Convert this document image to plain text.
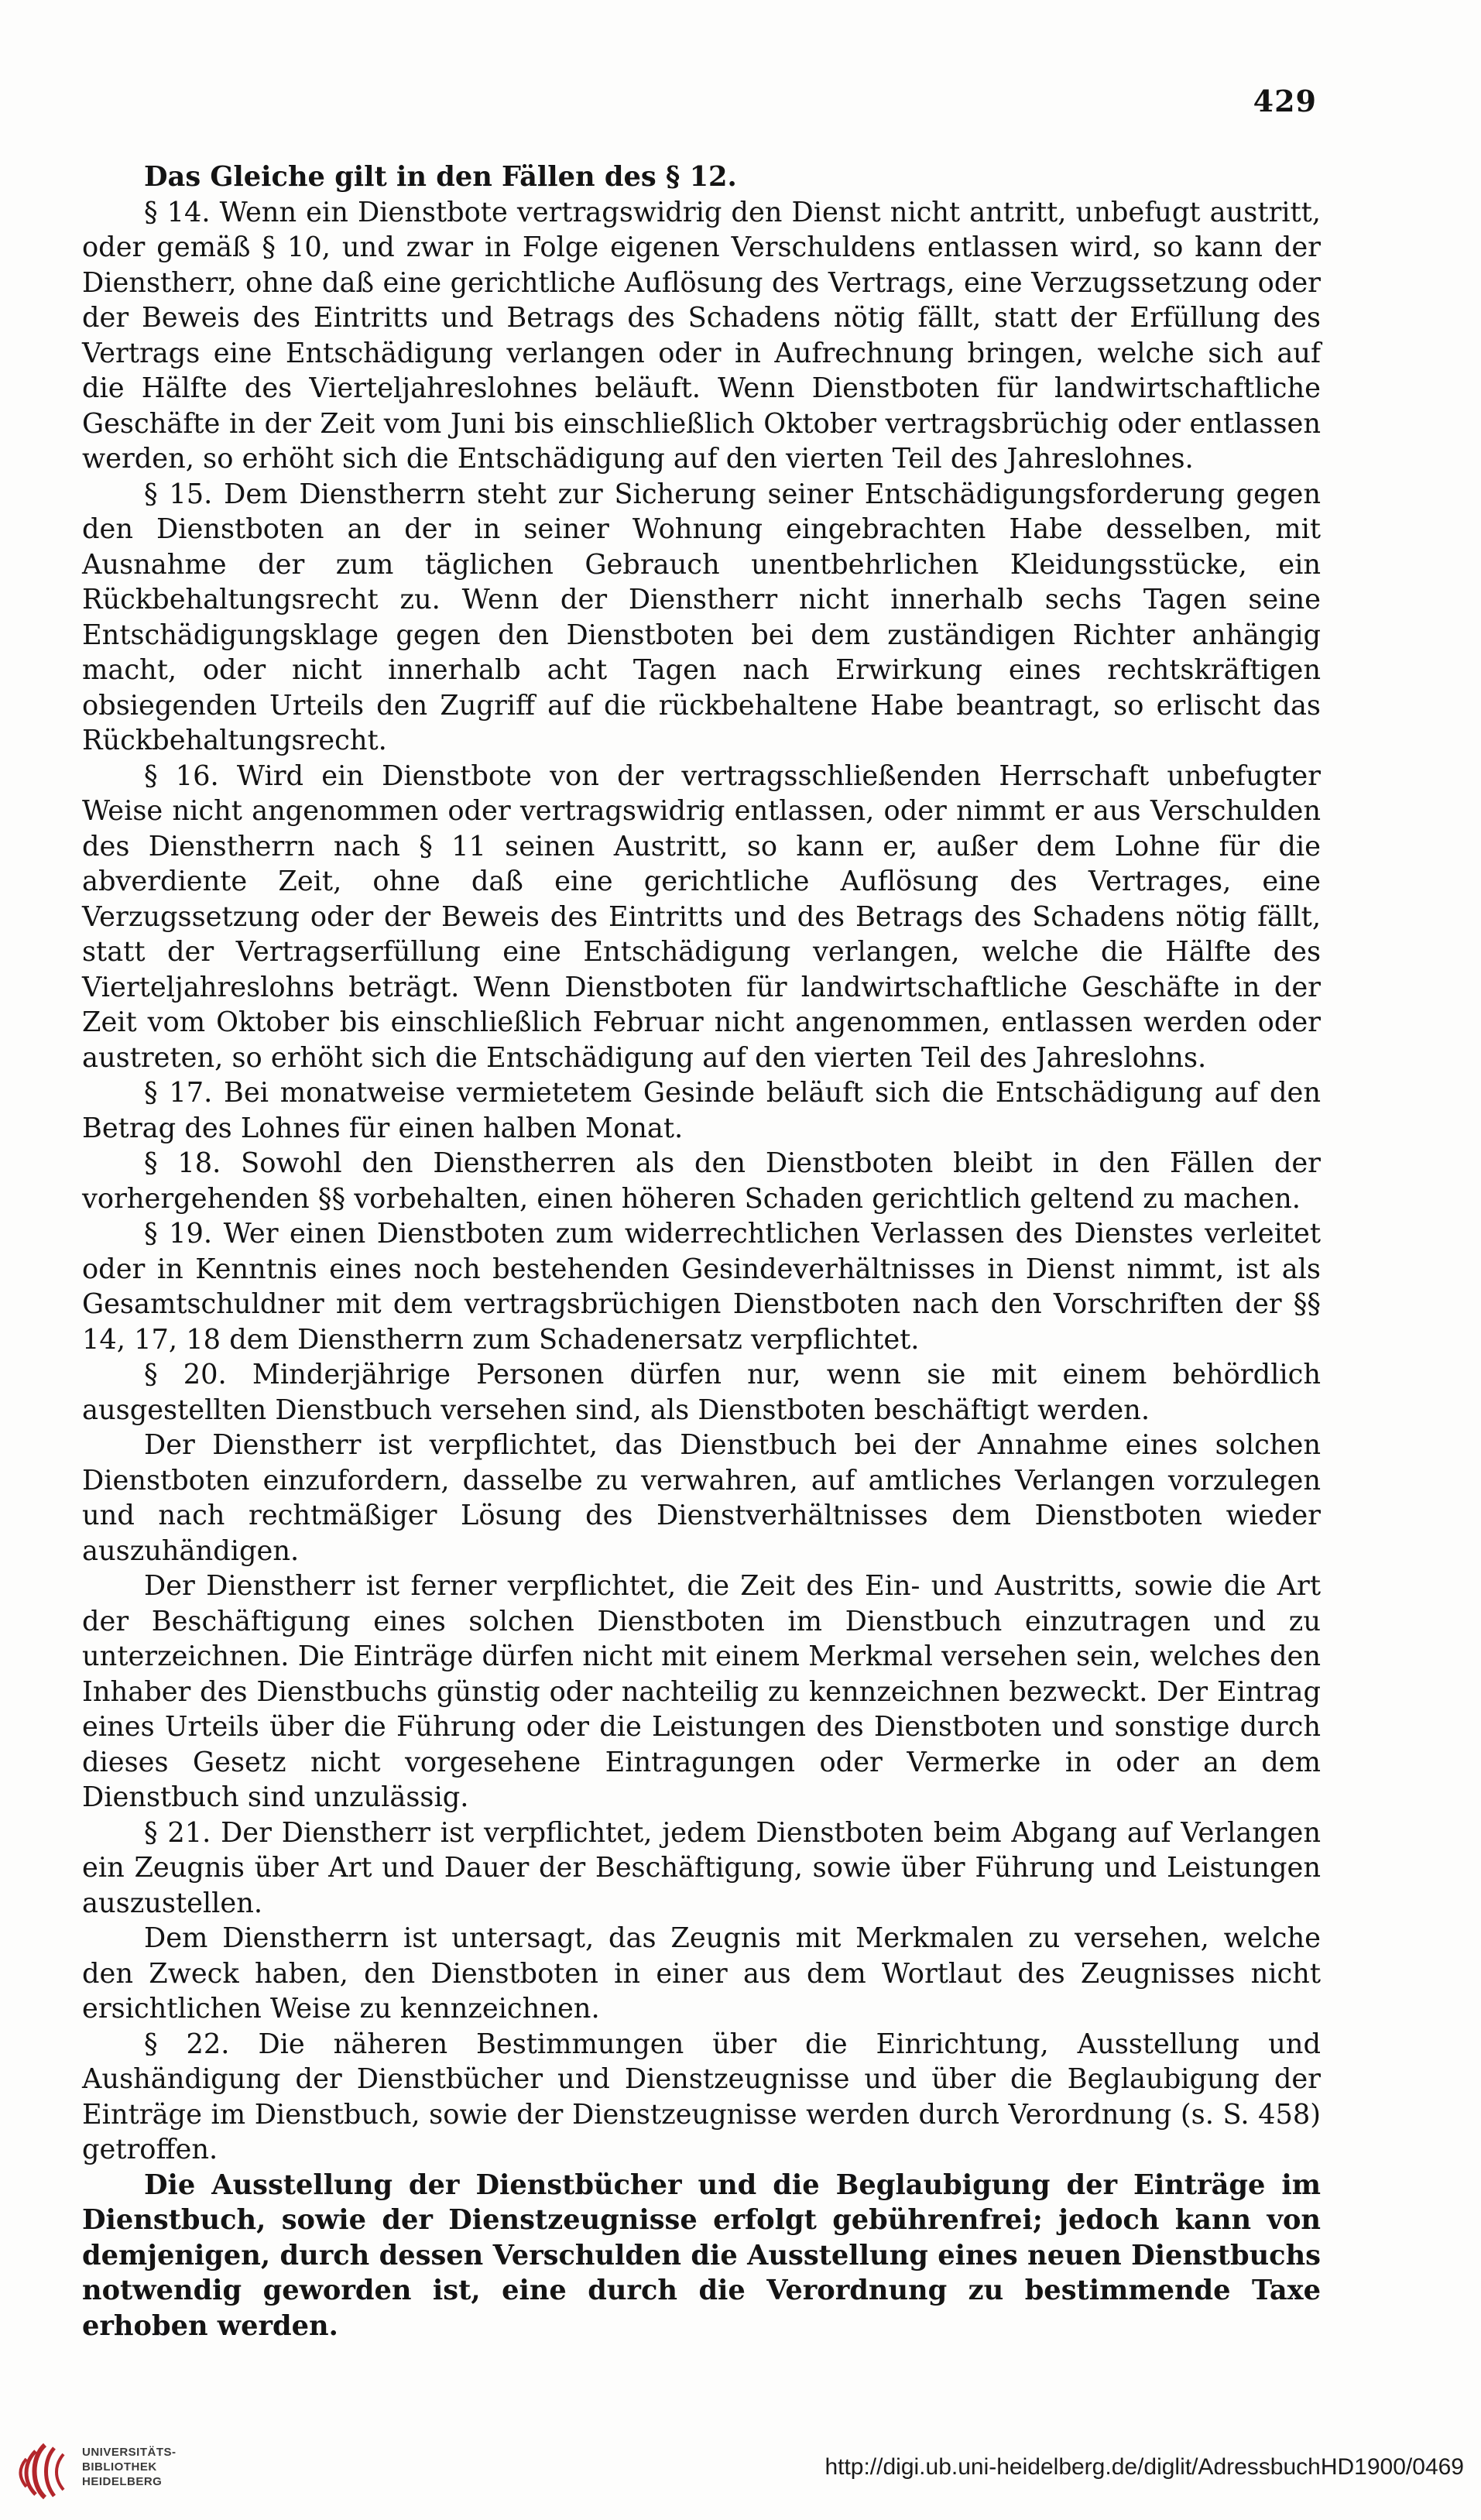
429

Das Gleiche gilt in den Fällen des § 12.

§ 14. Wenn ein Dienstbote vertragswidrig den Dienst nicht antritt, unbefugt austritt, oder gemäß § 10, und zwar in Folge eigenen Verschuldens entlassen wird, so kann der Dienstherr, ohne daß eine gerichtliche Auflösung des Vertrags, eine Verzugssetzung oder der Beweis des Eintritts und Betrags des Schadens nötig fällt, statt der Erfüllung des Vertrags eine Entschädigung verlangen oder in Aufrechnung bringen, welche sich auf die Hälfte des Vierteljahreslohnes beläuft. Wenn Dienstboten für landwirtschaftliche Geschäfte in der Zeit vom Juni bis einschließlich Oktober vertragsbrüchig oder entlassen werden, so erhöht sich die Entschädigung auf den vierten Teil des Jahreslohnes.

§ 15. Dem Dienstherrn steht zur Sicherung seiner Entschädigungsforderung gegen den Dienstboten an der in seiner Wohnung eingebrachten Habe desselben, mit Ausnahme der zum täglichen Gebrauch unentbehrlichen Kleidungsstücke, ein Rückbehaltungsrecht zu. Wenn der Dienstherr nicht innerhalb sechs Tagen seine Entschädigungsklage gegen den Dienstboten bei dem zuständigen Richter anhängig macht, oder nicht innerhalb acht Tagen nach Erwirkung eines rechtskräftigen obsiegenden Urteils den Zugriff auf die rückbehaltene Habe beantragt, so erlischt das Rückbehaltungsrecht.

§ 16. Wird ein Dienstbote von der vertragsschließenden Herrschaft unbefugter Weise nicht angenommen oder vertragswidrig entlassen, oder nimmt er aus Verschulden des Dienstherrn nach § 11 seinen Austritt, so kann er, außer dem Lohne für die abverdiente Zeit, ohne daß eine gerichtliche Auflösung des Vertrages, eine Verzugssetzung oder der Beweis des Eintritts und des Betrags des Schadens nötig fällt, statt der Vertragserfüllung eine Entschädigung verlangen, welche die Hälfte des Vierteljahreslohns beträgt. Wenn Dienstboten für landwirtschaftliche Geschäfte in der Zeit vom Oktober bis einschließlich Februar nicht angenommen, entlassen werden oder austreten, so erhöht sich die Entschädigung auf den vierten Teil des Jahreslohns.

§ 17. Bei monatweise vermietetem Gesinde beläuft sich die Entschädigung auf den Betrag des Lohnes für einen halben Monat.

§ 18. Sowohl den Dienstherren als den Dienstboten bleibt in den Fällen der vorhergehenden §§ vorbehalten, einen höheren Schaden gerichtlich geltend zu machen.

§ 19. Wer einen Dienstboten zum widerrechtlichen Verlassen des Dienstes verleitet oder in Kenntnis eines noch bestehenden Gesindeverhältnisses in Dienst nimmt, ist als Gesamtschuldner mit dem vertragsbrüchigen Dienstboten nach den Vorschriften der §§ 14, 17, 18 dem Dienstherrn zum Schadenersatz verpflichtet.

§ 20. Minderjährige Personen dürfen nur, wenn sie mit einem behördlich ausgestellten Dienstbuch versehen sind, als Dienstboten beschäftigt werden.

Der Dienstherr ist verpflichtet, das Dienstbuch bei der Annahme eines solchen Dienstboten einzufordern, dasselbe zu verwahren, auf amtliches Verlangen vorzulegen und nach rechtmäßiger Lösung des Dienstverhältnisses dem Dienstboten wieder auszuhändigen.

Der Dienstherr ist ferner verpflichtet, die Zeit des Ein- und Austritts, sowie die Art der Beschäftigung eines solchen Dienstboten im Dienstbuch einzutragen und zu unterzeichnen. Die Einträge dürfen nicht mit einem Merkmal versehen sein, welches den Inhaber des Dienstbuchs günstig oder nachteilig zu kennzeichnen bezweckt. Der Eintrag eines Urteils über die Führung oder die Leistungen des Dienstboten und sonstige durch dieses Gesetz nicht vorgesehene Eintragungen oder Vermerke in oder an dem Dienstbuch sind unzulässig.

§ 21. Der Dienstherr ist verpflichtet, jedem Dienstboten beim Abgang auf Verlangen ein Zeugnis über Art und Dauer der Beschäftigung, sowie über Führung und Leistungen auszustellen.

Dem Dienstherrn ist untersagt, das Zeugnis mit Merkmalen zu versehen, welche den Zweck haben, den Dienstboten in einer aus dem Wortlaut des Zeugnisses nicht ersichtlichen Weise zu kennzeichnen.

§ 22. Die näheren Bestimmungen über die Einrichtung, Ausstellung und Aushändigung der Dienstbücher und Dienstzeugnisse und über die Beglaubigung der Einträge im Dienstbuch, sowie der Dienstzeugnisse werden durch Verordnung (s. S. 458) getroffen.

Die Ausstellung der Dienstbücher und die Beglaubigung der Einträge im Dienstbuch, sowie der Dienstzeugnisse erfolgt gebührenfrei; jedoch kann von demjenigen, durch dessen Verschulden die Ausstellung eines neuen Dienstbuchs notwendig geworden ist, eine durch die Verordnung zu bestimmende Taxe erhoben werden.

UNIVERSITÄTS-
BIBLIOTHEK
HEIDELBERG
http://digi.ub.uni-heidelberg.de/diglit/AdressbuchHD1900/0469
